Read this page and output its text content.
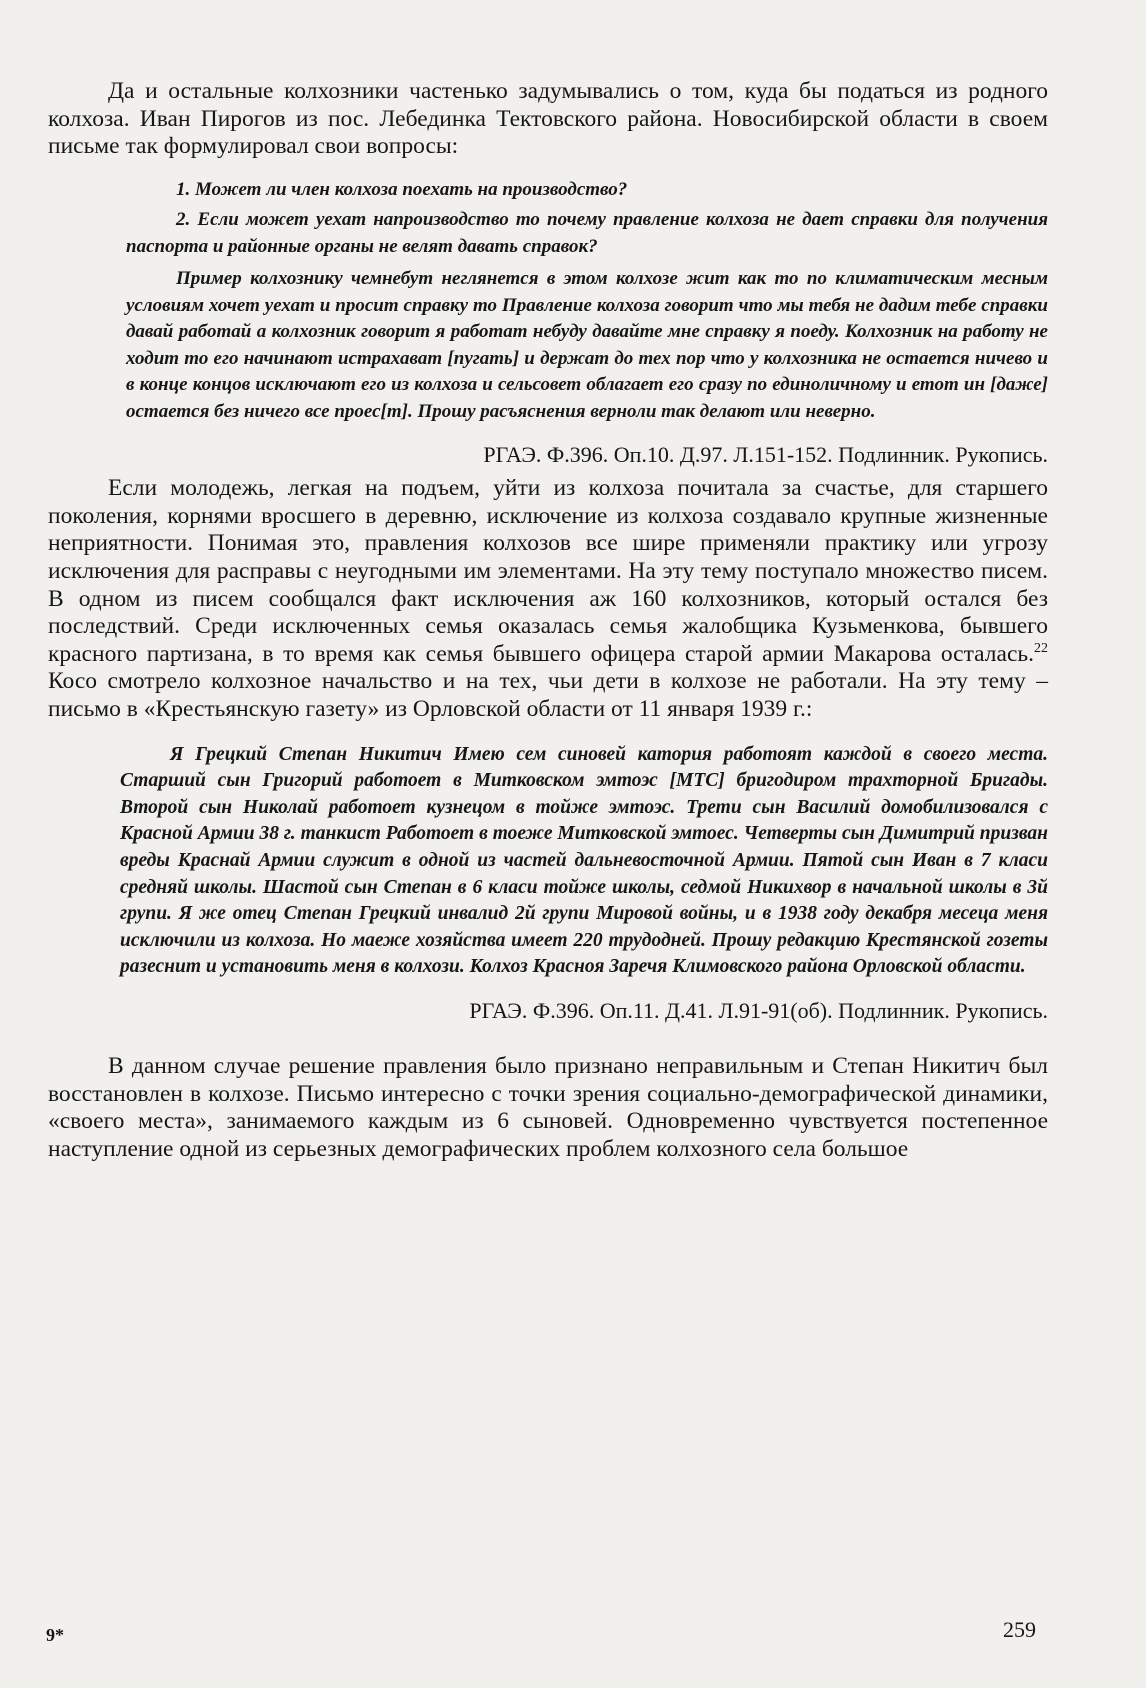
Да и остальные колхозники частенько задумывались о том, куда бы податься из родного колхоза. Иван Пирогов из пос. Лебединка Тектовского района. Новосибирской области в своем письме так формулировал свои вопросы:

1. Может ли член колхоза поехать на производство?

2. Если может уехат напроизводство то почему правление колхоза не дает справки для получения паспорта и районные органы не велят давать справок?

Пример колхознику чемнебут неглянется в этом колхозе жит как то по климатическим месным условиям хочет уехат и просит справку то Правление колхоза говорит что мы тебя не дадим тебе справки давай работай а колхозник говорит я работат небуду давайте мне справку я поеду. Колхозник на работу не ходит то его начинают истрахават [пугать] и держат до тех пор что у колхозника не остается ничево и в конце концов исключают его из колхоза и сельсовет облагает его сразу по единоличному и етот ин [даже] остается без ничего все проес[т]. Прошу расъяснения верноли так делают или неверно.

РГАЭ. Ф.396. Оп.10. Д.97. Л.151-152. Подлинник. Рукопись.

Если молодежь, легкая на подъем, уйти из колхоза почитала за счастье, для старшего поколения, корнями вросшего в деревню, исключение из колхоза создавало крупные жизненные неприятности. Понимая это, правления колхозов все шире применяли практику или угрозу исключения для расправы с неугодными им элементами. На эту тему поступало множество писем. В одном из писем сообщался факт исключения аж 160 колхозников, который остался без последствий. Среди исключенных семья оказалась семья жалобщика Кузьменкова, бывшего красного партизана, в то время как семья бывшего офицера старой армии Макарова осталась.$^{22}$ Косо смотрело колхозное начальство и на тех, чьи дети в колхозе не работали. На эту тему – письмо в «Крестьянскую газету» из Орловской области от 11 января 1939 г.:

Я Грецкий Степан Никитич Имею сем синовей катория работоят каждой в своего места. Старший сын Григорий работоет в Митковском эмтоэс [МТС] бригодиром трахторной Бригады. Второй сын Николай работоет кузнецом в тойже эмтоэс. Трети сын Василий домобилизовался с Красной Армии 38 г. танкист Работоет в тоеже Митковской эмтоес. Четверты сын Димитрий призван вреды Краснай Армии служит в одной из частей дальневосточной Армии. Пятой сын Иван в 7 класи средняй школы. Шастой сын Степан в 6 класи тойже школы, седмой Никихвор в начальной школы в 3й групи. Я же отец Степан Грецкий инвалид 2й групи Мировой войны, и в 1938 году декабря месеца меня исключили из колхоза. Но маеже хозяйства имеет 220 трудодней. Прошу редакцию Крестянской гозеты разеснит и установить меня в колхози. Колхоз Красноя Заречя Климовского района Орловской области.

РГАЭ. Ф.396. Оп.11. Д.41. Л.91-91(об). Подлинник. Рукопись.

В данном случае решение правления было признано неправильным и Степан Никитич был восстановлен в колхозе. Письмо интересно с точки зрения социально-демографической динамики, «своего места», занимаемого каждым из 6 сыновей. Одновременно чувствуется постепенное наступление одной из серьезных демографических проблем колхозного села большое

9*	259
